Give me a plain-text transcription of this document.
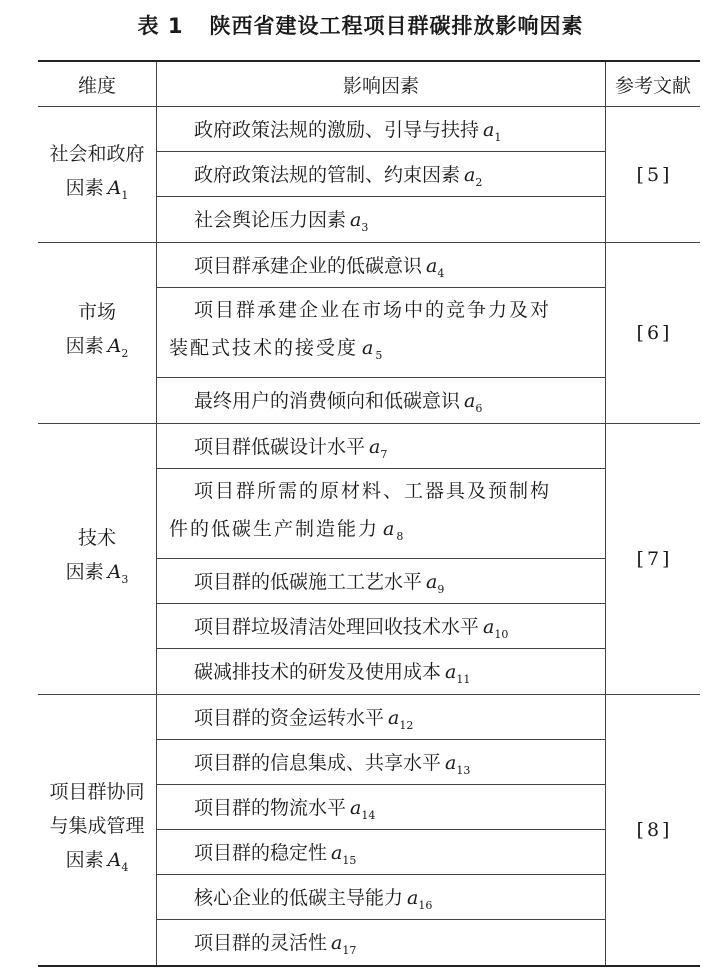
表 1 陕西省建设工程项目群碳排放影响因素
维度	影响因素	参考文献
社会和政府
因素 $A_1$
政府政策法规的激励、引导与扶持 $a_1$
政府政策法规的管制、约束因素 $a_2$
社会舆论压力因素 $a_3$
[ 5 ]
市场
因素 $A_2$
项目群承建企业的低碳意识 $a_4$
项目群承建企业在市场中的竞争力及对
装配式技术的接受度 $a_5$
最终用户的消费倾向和低碳意识 $a_6$
[ 6 ]
技术
因素 $A_3$
项目群低碳设计水平 $a_7$
项目群所需的原材料、工器具及预制构
件的低碳生产制造能力 $a_8$
项目群的低碳施工工艺水平 $a_9$
项目群垃圾清洁处理回收技术水平 $a_{10}$
碳减排技术的研发及使用成本 $a_{11}$
[ 7 ]
项目群协同
与集成管理
因素 $A_4$
项目群的资金运转水平 $a_{12}$
项目群的信息集成、共享水平 $a_{13}$
项目群的物流水平 $a_{14}$
项目群的稳定性 $a_{15}$
核心企业的低碳主导能力 $a_{16}$
项目群的灵活性 $a_{17}$
[ 8 ]
